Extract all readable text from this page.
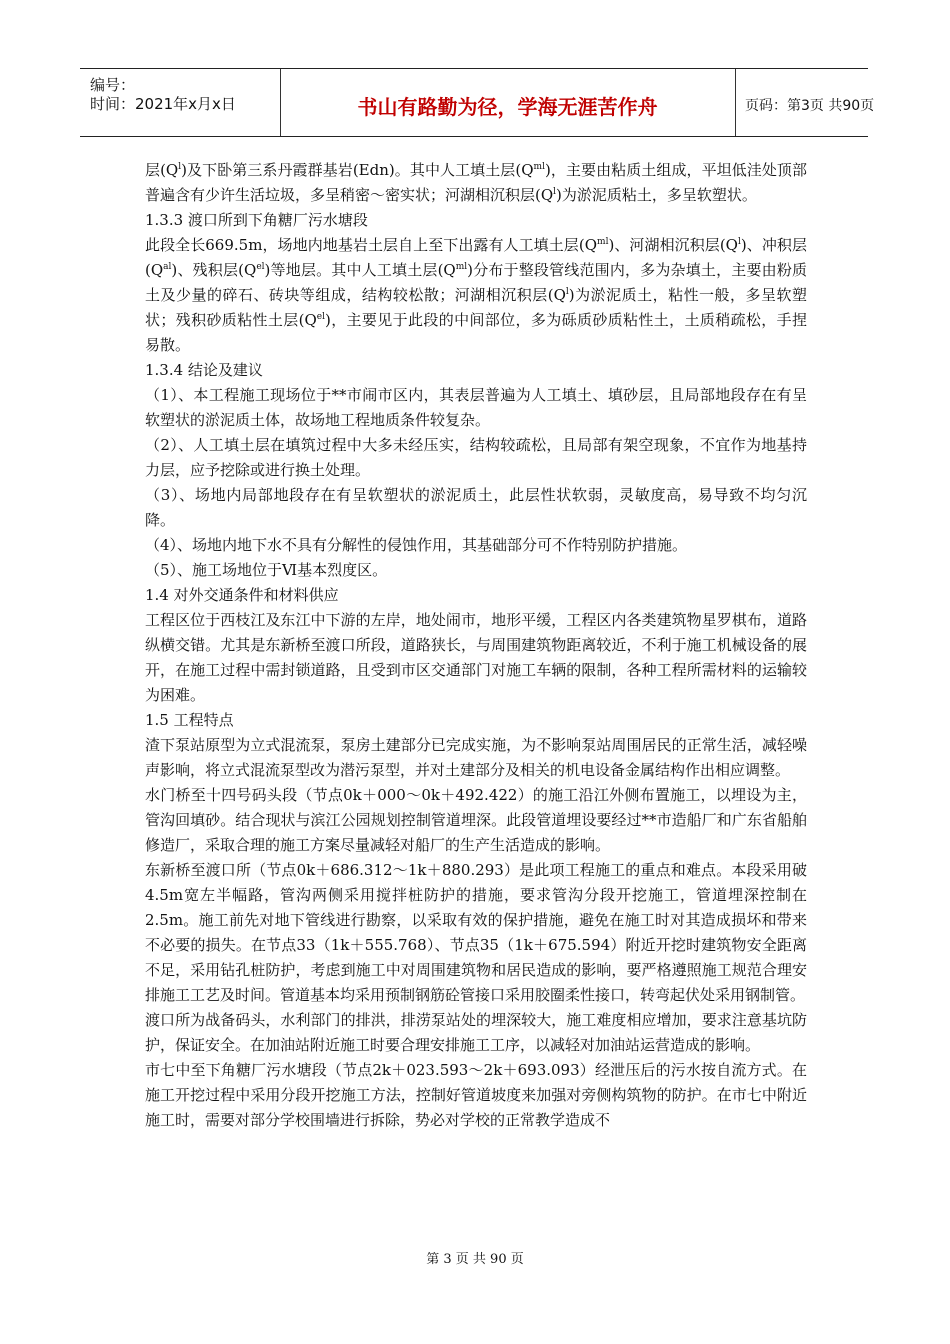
编号：
时间：2021年x月x日	书山有路勤为径，学海无涯苦作舟	页码：第3页 共90页

层$(Q^l)$及下卧第三系丹霞群基岩(Edn)。其中人工填土层$(Q^{ml})$，主要由粘质土组成，平坦低洼处顶部普遍含有少许生活垃圾，多呈稍密～密实状；河湖相沉积层$(Q^l)$为淤泥质粘土，多呈软塑状。

1.3.3 渡口所到下角糖厂污水塘段

此段全长669.5m，场地内地基岩土层自上至下出露有人工填土层$(Q^{ml})$、河湖相沉积层$(Q^l)$、冲积层$(Q^{al})$、残积层$(Q^{el})$等地层。其中人工填土层$(Q^{ml})$分布于整段管线范围内，多为杂填土，主要由粉质土及少量的碎石、砖块等组成，结构较松散；河湖相沉积层$(Q^l)$为淤泥质土，粘性一般，多呈软塑状；残积砂质粘性土层$(Q^{el})$，主要见于此段的中间部位，多为砾质砂质粘性土，土质稍疏松，手捏易散。

1.3.4 结论及建议

（1）、本工程施工现场位于**市闹市区内，其表层普遍为人工填土、填砂层，且局部地段存在有呈软塑状的淤泥质土体，故场地工程地质条件较复杂。

（2）、人工填土层在填筑过程中大多未经压实，结构较疏松，且局部有架空现象，不宜作为地基持力层，应予挖除或进行换土处理。

（3）、场地内局部地段存在有呈软塑状的淤泥质土，此层性状软弱，灵敏度高，易导致不均匀沉降。

（4）、场地内地下水不具有分解性的侵蚀作用，其基础部分可不作特别防护措施。

（5）、施工场地位于Ⅵ基本烈度区。

1.4 对外交通条件和材料供应

工程区位于西枝江及东江中下游的左岸，地处闹市，地形平缓，工程区内各类建筑物星罗棋布，道路纵横交错。尤其是东新桥至渡口所段，道路狭长，与周围建筑物距离较近，不利于施工机械设备的展开，在施工过程中需封锁道路，且受到市区交通部门对施工车辆的限制，各种工程所需材料的运输较为困难。

1.5 工程特点

渣下泵站原型为立式混流泵，泵房土建部分已完成实施，为不影响泵站周围居民的正常生活，减轻噪声影响，将立式混流泵型改为潜污泵型，并对土建部分及相关的机电设备金属结构作出相应调整。

水门桥至十四号码头段（节点0k＋000～0k＋492.422）的施工沿江外侧布置施工，以埋设为主，管沟回填砂。结合现状与滨江公园规划控制管道埋深。此段管道埋设要经过**市造船厂和广东省船舶修造厂，采取合理的施工方案尽量减轻对船厂的生产生活造成的影响。

东新桥至渡口所（节点0k＋686.312～1k＋880.293）是此项工程施工的重点和难点。本段采用破4.5m宽左半幅路，管沟两侧采用搅拌桩防护的措施，要求管沟分段开挖施工，管道埋深控制在2.5m。施工前先对地下管线进行勘察，以采取有效的保护措施，避免在施工时对其造成损坏和带来不必要的损失。在节点33（1k＋555.768）、节点35（1k＋675.594）附近开挖时建筑物安全距离不足，采用钻孔桩防护，考虑到施工中对周围建筑物和居民造成的影响，要严格遵照施工规范合理安排施工工艺及时间。管道基本均采用预制钢筋砼管接口采用胶圈柔性接口，转弯起伏处采用钢制管。

渡口所为战备码头，水利部门的排洪，排涝泵站处的埋深较大，施工难度相应增加，要求注意基坑防护，保证安全。在加油站附近施工时要合理安排施工工序，以减轻对加油站运营造成的影响。

市七中至下角糖厂污水塘段（节点2k＋023.593～2k＋693.093）经泄压后的污水按自流方式。在施工开挖过程中采用分段开挖施工方法，控制好管道坡度来加强对旁侧构筑物的防护。在市七中附近施工时，需要对部分学校围墙进行拆除，势必对学校的正常教学造成不

第 3 页 共 90 页
